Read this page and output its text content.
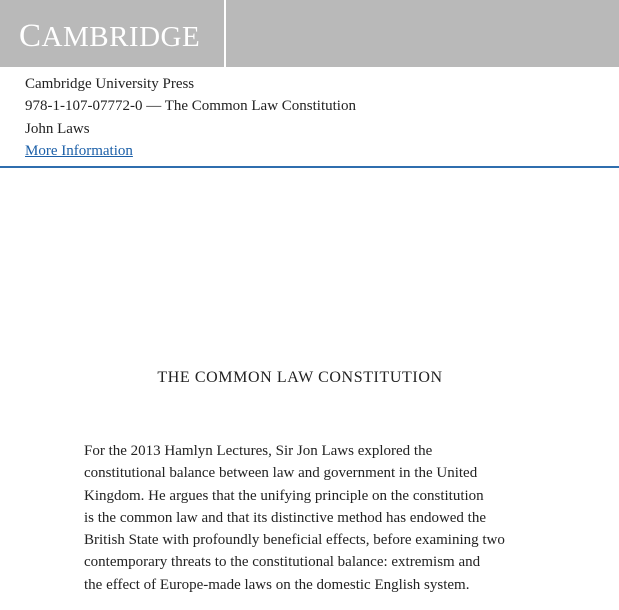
CAMBRIDGE
Cambridge University Press
978-1-107-07772-0 — The Common Law Constitution
John Laws
More Information
THE COMMON LAW CONSTITUTION
For the 2013 Hamlyn Lectures, Sir Jon Laws explored the
constitutional balance between law and government in the United
Kingdom. He argues that the unifying principle on the constitution
is the common law and that its distinctive method has endowed the
British State with profoundly beneficial effects, before examining two
contemporary threats to the constitutional balance: extremism and
the effect of Europe-made laws on the domestic English system.
